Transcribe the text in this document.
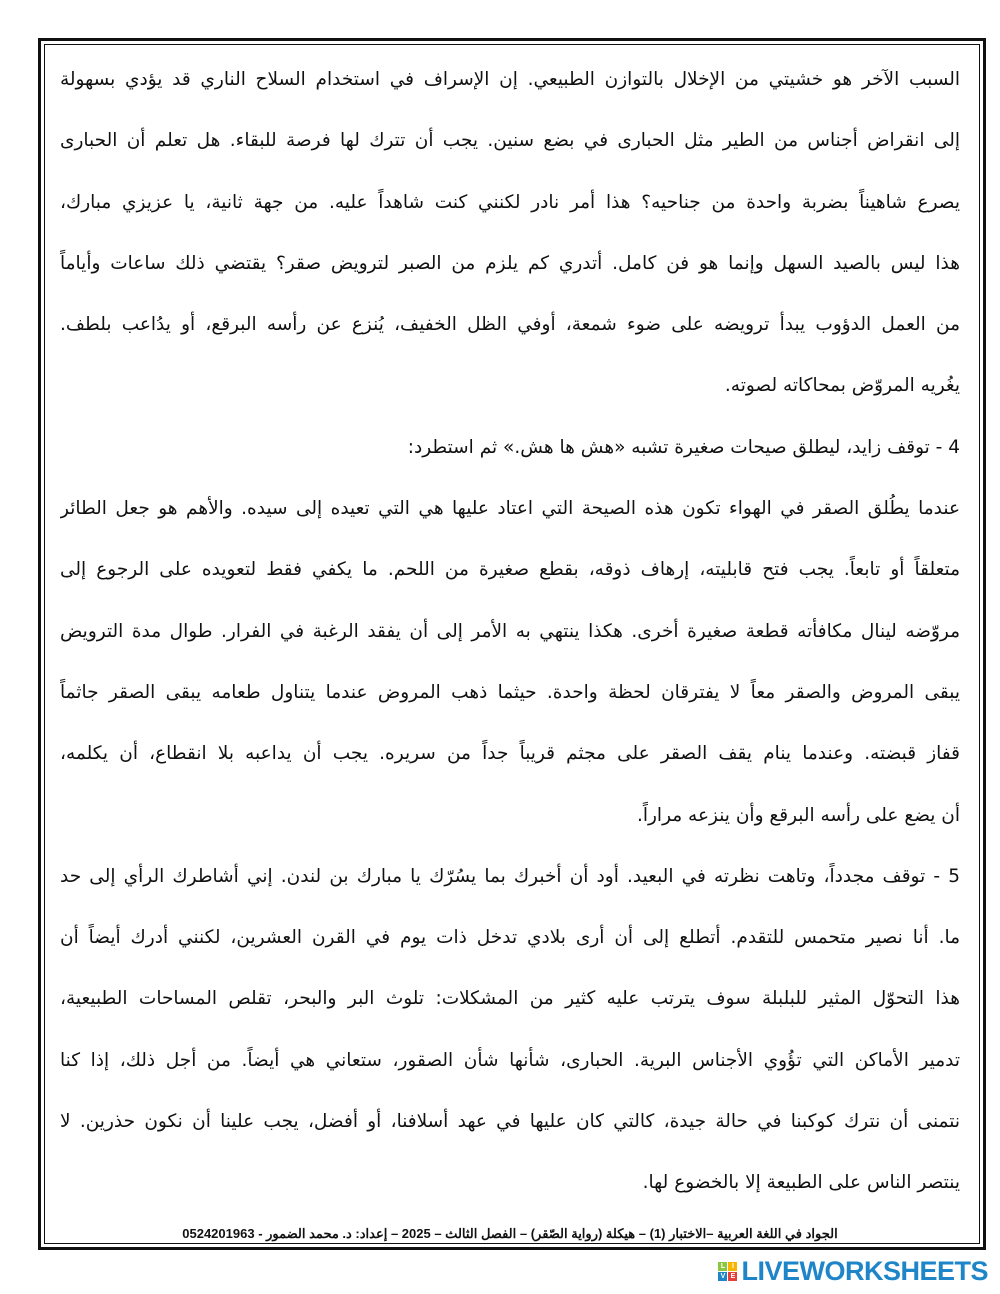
السبب الآخر هو خشيتي من الإخلال بالتوازن الطبيعي. إن الإسراف في استخدام السلاح الناري قد يؤدي بسهولة
إلى انقراض أجناس من الطير مثل الحبارى في بضع سنين. يجب أن تترك لها فرصة للبقاء. هل تعلم أن الحبارى
يصرع شاهيناً بضربة واحدة من جناحيه؟ هذا أمر نادر لكنني كنت شاهداً عليه. من جهة ثانية، يا عزيزي مبارك،
هذا ليس بالصيد السهل وإنما هو فن كامل. أتدري كم يلزم من الصبر لترويض صقر؟ يقتضي ذلك ساعات وأياماً
من العمل الدؤوب يبدأ ترويضه على ضوء شمعة، أوفي الظل الخفيف، يُنزع عن رأسه البرقع، أو يدُاعب بلطف.
يغُريه المروّض بمحاكاته لصوته.
4 - توقف زايد، ليطلق صيحات صغيرة تشبه «هش ها هش.» ثم استطرد:
عندما يطُلق الصقر في الهواء تكون هذه الصيحة التي اعتاد عليها هي التي تعيده إلى سيده. والأهم هو جعل الطائر
متعلقاً أو تابعاً. يجب فتح قابليته، إرهاف ذوقه، بقطع صغيرة من اللحم. ما يكفي فقط لتعويده على الرجوع إلى
مروّضه لينال مكافأته قطعة صغيرة أخرى. هكذا ينتهي به الأمر إلى أن يفقد الرغبة في الفرار. طوال مدة الترويض
يبقى المروض والصقر معاً لا يفترقان لحظة واحدة. حيثما ذهب المروض عندما يتناول طعامه يبقى الصقر جاثماً
قفاز قبضته. وعندما ينام يقف الصقر على مجثم قريباً جداً من سريره. يجب أن يداعبه بلا انقطاع، أن يكلمه،
أن يضع على رأسه البرقع وأن ينزعه مراراً.
5 - توقف مجدداً، وتاهت نظرته في البعيد. أود أن أخبرك بما يسُرّك يا مبارك بن لندن. إني أشاطرك الرأي إلى حد
ما. أنا نصير متحمس للتقدم. أتطلع إلى أن أرى بلادي تدخل ذات يوم في القرن العشرين، لكنني أدرك أيضاً أن
هذا التحوّل المثير للبلبلة سوف يترتب عليه كثير من المشكلات: تلوث البر والبحر، تقلص المساحات الطبيعية،
تدمير الأماكن التي تؤُوي الأجناس البرية. الحبارى، شأنها شأن الصقور، ستعاني هي أيضاً. من أجل ذلك، إذا كنا
نتمنى أن نترك كوكبنا في حالة جيدة، كالتي كان عليها في عهد أسلافنا، أو أفضل، يجب علينا أن نكون حذرين. لا
ينتصر الناس على الطبيعة إلا بالخضوع لها.
الجواد في اللغة العربية –الاختبار (1) – هيكلة (رواية الصّقر) – الفصل الثالث – 2025 – إعداد: د. محمد الضمور - 0524201963
L I
V E LIVEWORKSHEETS
